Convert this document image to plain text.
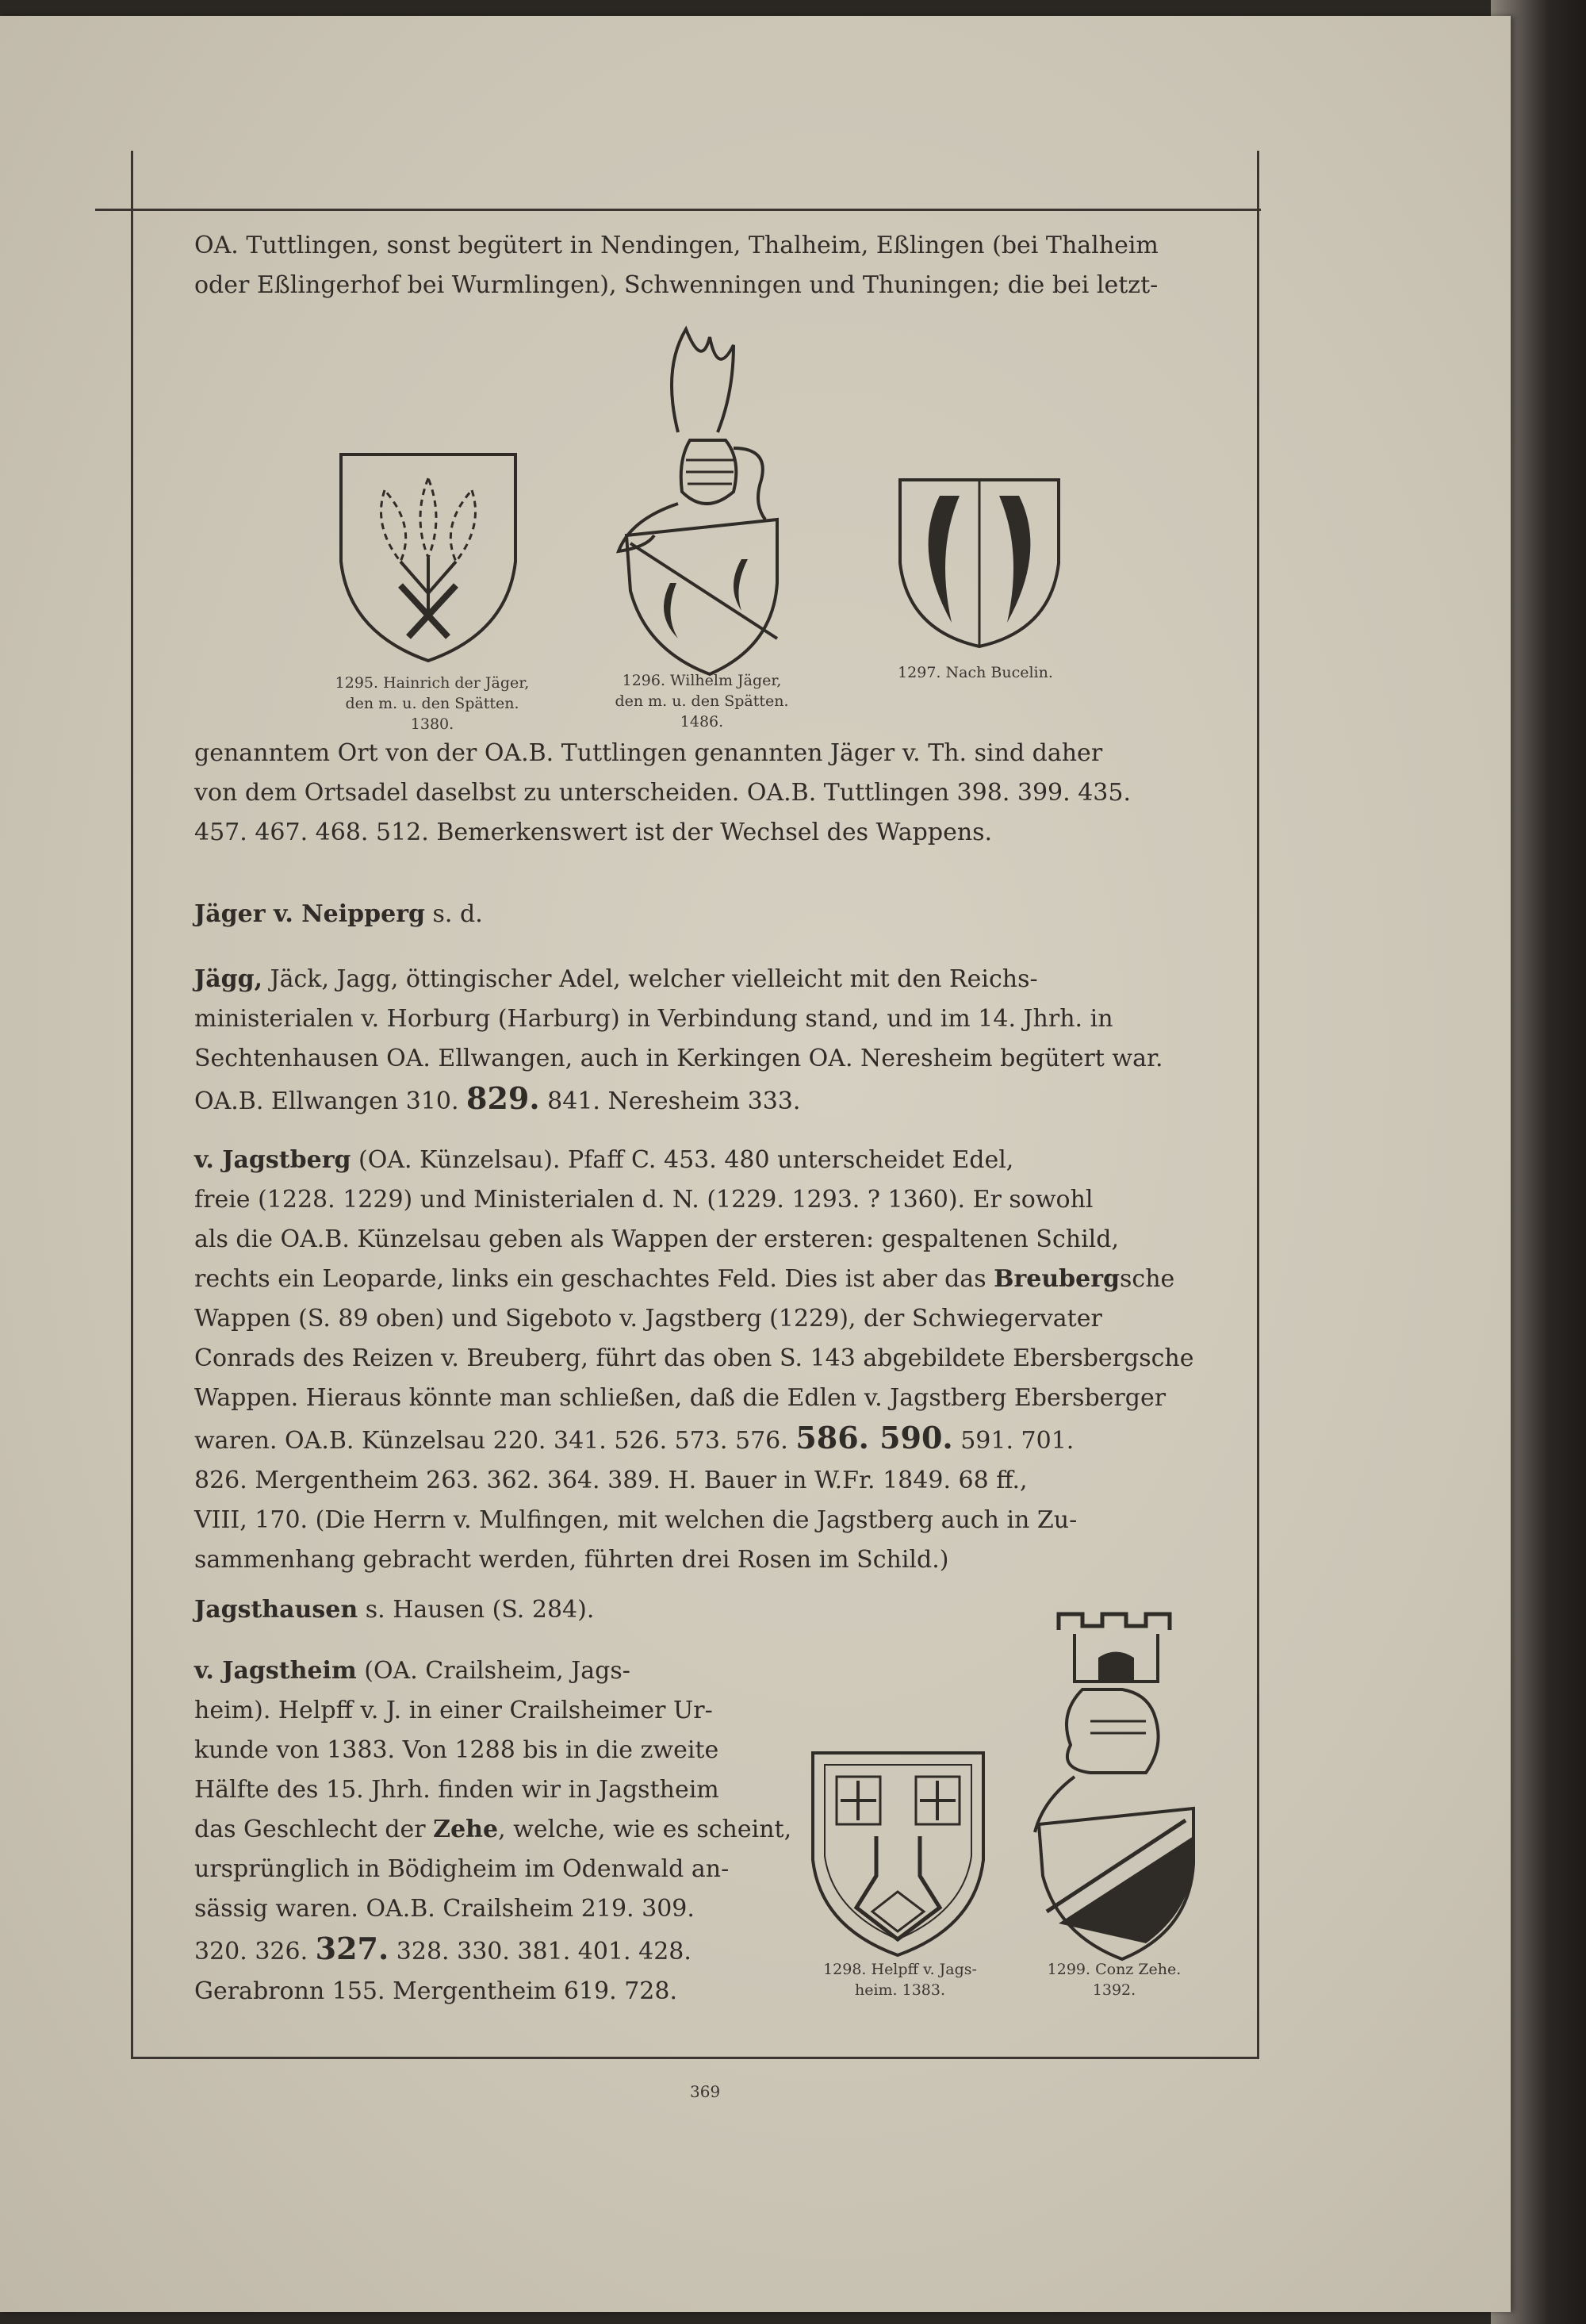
OA. Tuttlingen, sonst begütert in Nendingen, Thalheim, Eßlingen (bei Thalheim

oder Eßlingerhof bei Wurmlingen), Schwenningen und Thuningen; die bei letzt-

1295. Hainrich der Jäger,
den m. u. den Spätten.
1380.
1296. Wilhelm Jäger,
den m. u. den Spätten.
1486.
1297. Nach Bucelin.

genanntem Ort von der OA.B. Tuttlingen genannten Jäger v. Th. sind daher

von dem Ortsadel daselbst zu unterscheiden. OA.B. Tuttlingen 398. 399. 435.

457. 467. 468. 512. Bemerkenswert ist der Wechsel des Wappens.

Jäger v. Neipperg s. d.

Jägg, Jäck, Jagg, öttingischer Adel, welcher vielleicht mit den Reichs-

ministerialen v. Horburg (Harburg) in Verbindung stand, und im 14. Jhrh. in

Sechtenhausen OA. Ellwangen, auch in Kerkingen OA. Neresheim begütert war.

OA.B. Ellwangen 310. 829. 841. Neresheim 333.

v. Jagstberg (OA. Künzelsau). Pfaff C. 453. 480 unterscheidet Edel,

freie (1228. 1229) und Ministerialen d. N. (1229. 1293. ? 1360). Er sowohl

als die OA.B. Künzelsau geben als Wappen der ersteren: gespaltenen Schild,

rechts ein Leoparde, links ein geschachtes Feld. Dies ist aber das Breubergsche

Wappen (S. 89 oben) und Sigeboto v. Jagstberg (1229), der Schwiegervater

Conrads des Reizen v. Breuberg, führt das oben S. 143 abgebildete Ebersbergsche

Wappen. Hieraus könnte man schließen, daß die Edlen v. Jagstberg Ebersberger

waren. OA.B. Künzelsau 220. 341. 526. 573. 576. 586. 590. 591. 701.

826. Mergentheim 263. 362. 364. 389. H. Bauer in W.Fr. 1849. 68 ff.,

VIII, 170. (Die Herrn v. Mulfingen, mit welchen die Jagstberg auch in Zu-

sammenhang gebracht werden, führten drei Rosen im Schild.)

Jagsthausen s. Hausen (S. 284).

v. Jagstheim (OA. Crailsheim, Jags-

heim). Helpff v. J. in einer Crailsheimer Ur-

kunde von 1383. Von 1288 bis in die zweite

Hälfte des 15. Jhrh. finden wir in Jagstheim

das Geschlecht der Zehe, welche, wie es scheint,

ursprünglich in Bödigheim im Odenwald an-

sässig waren. OA.B. Crailsheim 219. 309.

320. 326. 327. 328. 330. 381. 401. 428.

Gerabronn 155. Mergentheim 619. 728.

1298. Helpff v. Jags-
heim. 1383.
1299. Conz Zehe.
1392.
369
